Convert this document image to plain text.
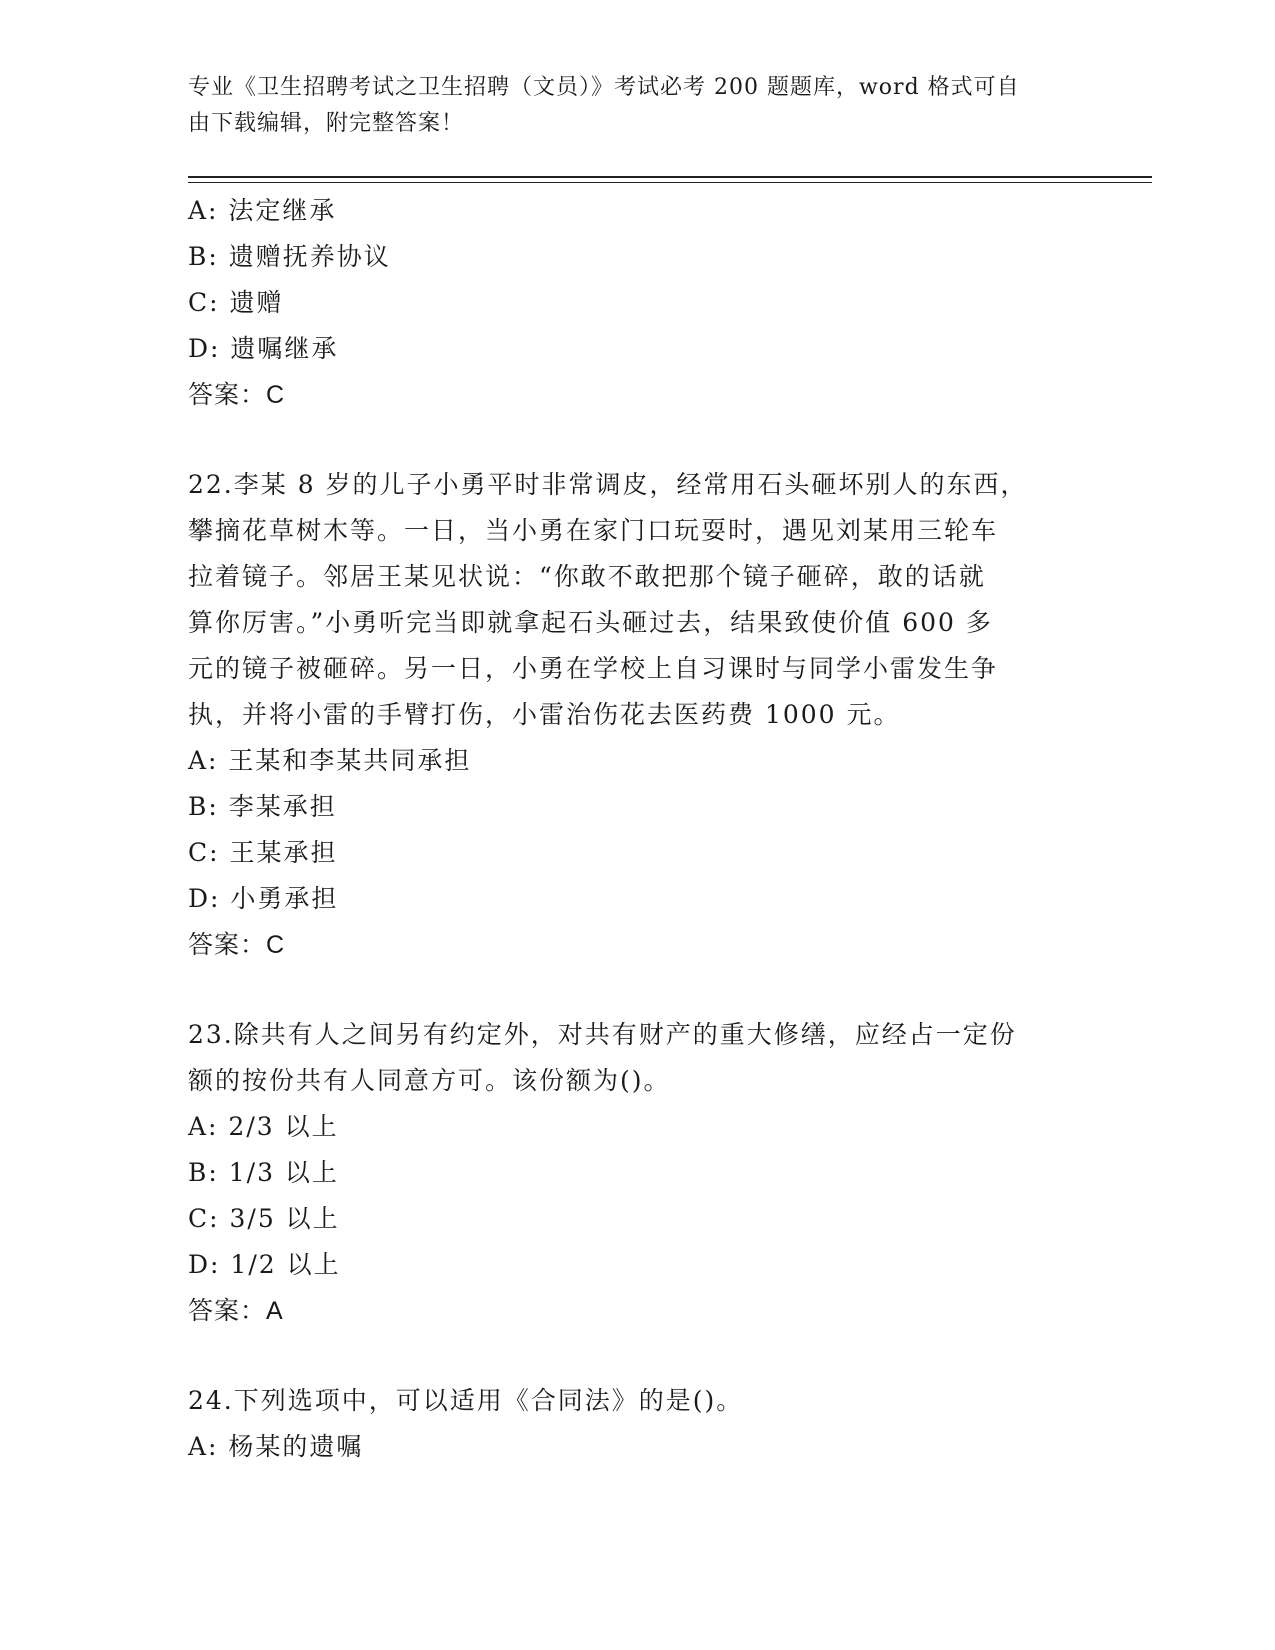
专业《卫生招聘考试之卫生招聘（文员）》考试必考 200 题题库，word 格式可自
由下载编辑，附完整答案！
A: 法定继承
B: 遗赠抚养协议
C: 遗赠
D: 遗嘱继承
答案：C
22.李某 8 岁的儿子小勇平时非常调皮，经常用石头砸坏别人的东西，
攀摘花草树木等。一日，当小勇在家门口玩耍时，遇见刘某用三轮车
拉着镜子。邻居王某见状说：“你敢不敢把那个镜子砸碎，敢的话就
算你厉害。”小勇听完当即就拿起石头砸过去，结果致使价值 600 多
元的镜子被砸碎。另一日，小勇在学校上自习课时与同学小雷发生争
执，并将小雷的手臂打伤，小雷治伤花去医药费 1000 元。
A: 王某和李某共同承担
B: 李某承担
C: 王某承担
D: 小勇承担
答案：C
23.除共有人之间另有约定外，对共有财产的重大修缮，应经占一定份
额的按份共有人同意方可。该份额为()。
A: 2/3 以上
B: 1/3 以上
C: 3/5 以上
D: 1/2 以上
答案：A
24.下列选项中，可以适用《合同法》的是()。
A: 杨某的遗嘱
